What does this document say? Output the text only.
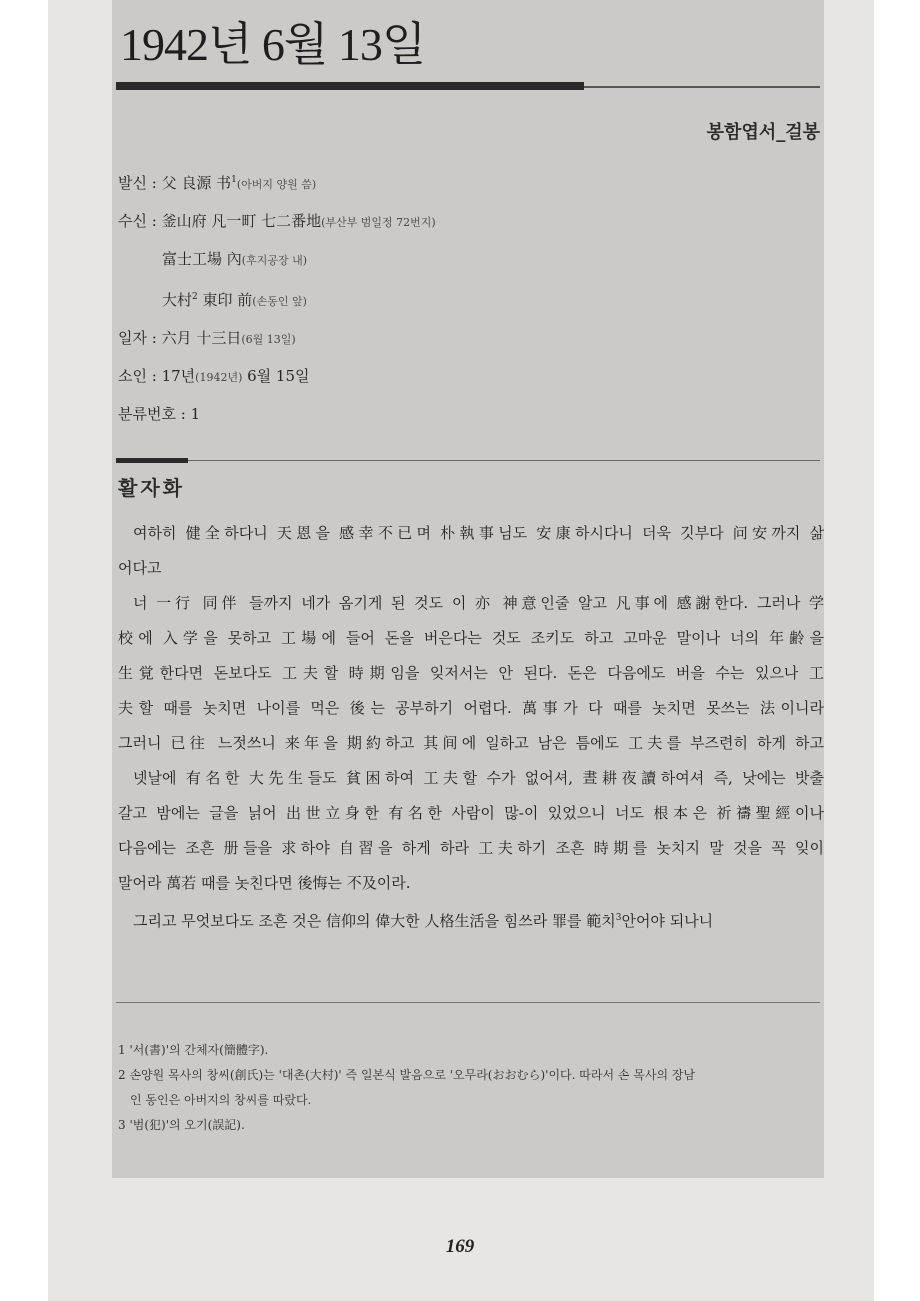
1942년 6월 13일
봉함엽서_걸봉
발신 : 父 良源 书$^1$(아버지 양원 씀)
수신 : 釜山府 凡一町 七二番地(부산부 범일정 72번지)
富士工場 內(후지공장 내)
大村$^2$ 東印 前(손동인 앞)
일자 : 六月 十三日(6월 13일)
소인 : 17년(1942년) 6월 15일
분류번호 : 1
활자화
여하히 健全하다니 天恩을 感幸不已며 朴執事님도 安康하시다니 더욱 깃부다 问安까지 삶
어다고
너 一行 同伴 들까지 네가 옴기게 된 것도 이 亦 神意인줄 알고 凡事에 感謝한다. 그러나 学
校에 入学을 못하고 工場에 들어 돈을 버은다는 것도 조키도 하고 고마운 말이나 너의 年齢을
生覚한다면 돈보다도 工夫할 時期임을 잊저서는 안 된다. 돈은 다음에도 버을 수는 있으나 工
夫할 때를 놋치면 나이를 먹은 後는 공부하기 어렵다. 萬事가 다 때를 놋치면 못쓰는 法이니라
그러니 已往 느젓쓰니 来年을 期約하고 其间에 일하고 남은 틈에도 工夫를 부즈련히 하게 하고
넷날에 有名한 大先生들도 貧困하여 工夫할 수가 없어셔, 晝耕夜讀하여셔 즉, 낫에는 밧출
갈고 밤에는 글을 닑어 出世立身한 有名한 사람이 많-이 있었으니 너도 根本은 祈禱聖經이나
다음에는 조흔 册들을 求하야 自習을 하게 하라 工夫하기 조흔 時期를 놋치지 말 것을 꼭 잊이
말어라 萬若 때를 놋친다면 後悔는 不及이라.
그리고 무엇보다도 조흔 것은 信仰의 偉大한 人格生活을 힘쓰라 罪를 範치$^3$안어야 되나니
1 '서(書)'의 간체자(簡體字).
2 손양원 목사의 창씨(創氏)는 '대촌(大村)' 즉 일본식 발음으로 '오무라(おおむら)'이다. 따라서 손 목사의 장남
인 동인은 아버지의 창씨를 따랐다.
3 '범(犯)'의 오기(誤記).
169
